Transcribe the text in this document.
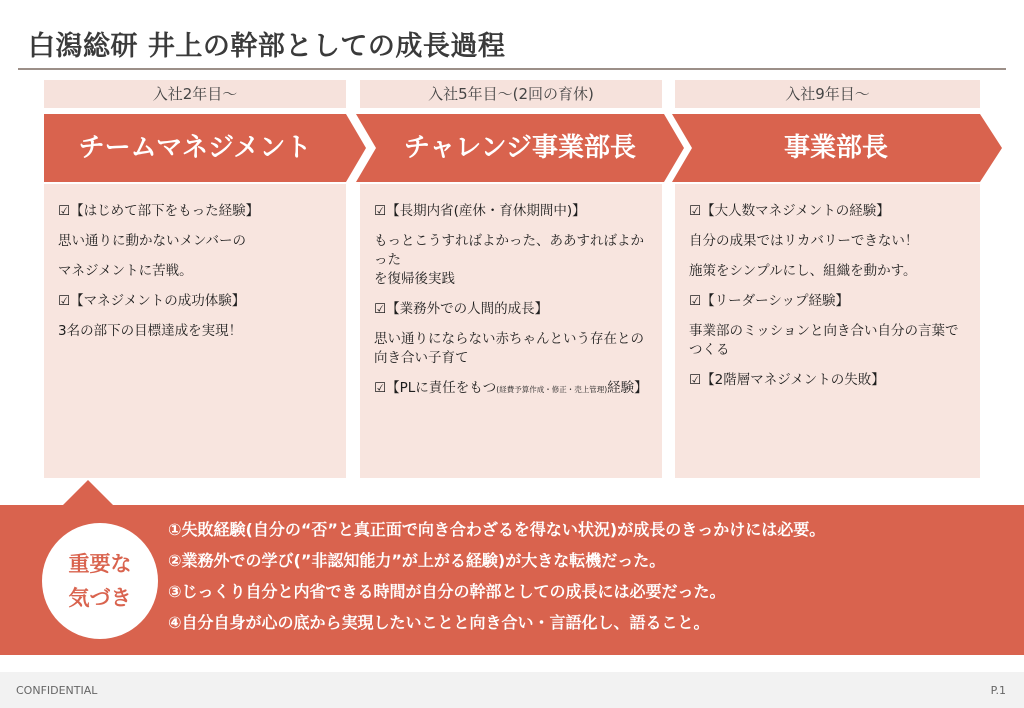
白潟総研 井上の幹部としての成長過程
入社2年目〜	入社5年目〜(2回の育休)	入社9年目〜
チームマネジメント	チャレンジ事業部長	事業部長
☑【はじめて部下をもった経験】
思い通りに動かないメンバーの
マネジメントに苦戦。
☑【マネジメントの成功体験】
3名の部下の目標達成を実現！
☑【長期内省(産休・育休期間中)】
もっとこうすればよかった、ああすればよかった
を復帰後実践
☑【業務外での人間的成長】
思い通りにならない赤ちゃんという存在との
向き合い子育て
☑【PLに責任をもつ(経費予算作成・修正・売上管理)経験】
☑【大人数マネジメントの経験】
自分の成果ではリカバリーできない！
施策をシンプルにし、組織を動かす。
☑【リーダーシップ経験】
事業部のミッションと向き合い自分の言葉で
つくる
☑【2階層マネジメントの失敗】
重要な
気づき
①失敗経験(自分の“否”と真正面で向き合わざるを得ない状況)が成長のきっかけには必要。
②業務外での学び(”非認知能力”が上がる経験)が大きな転機だった。
③じっくり自分と内省できる時間が自分の幹部としての成長には必要だった。
④自分自身が心の底から実現したいことと向き合い・言語化し、語ること。
CONFIDENTIAL	P.1
